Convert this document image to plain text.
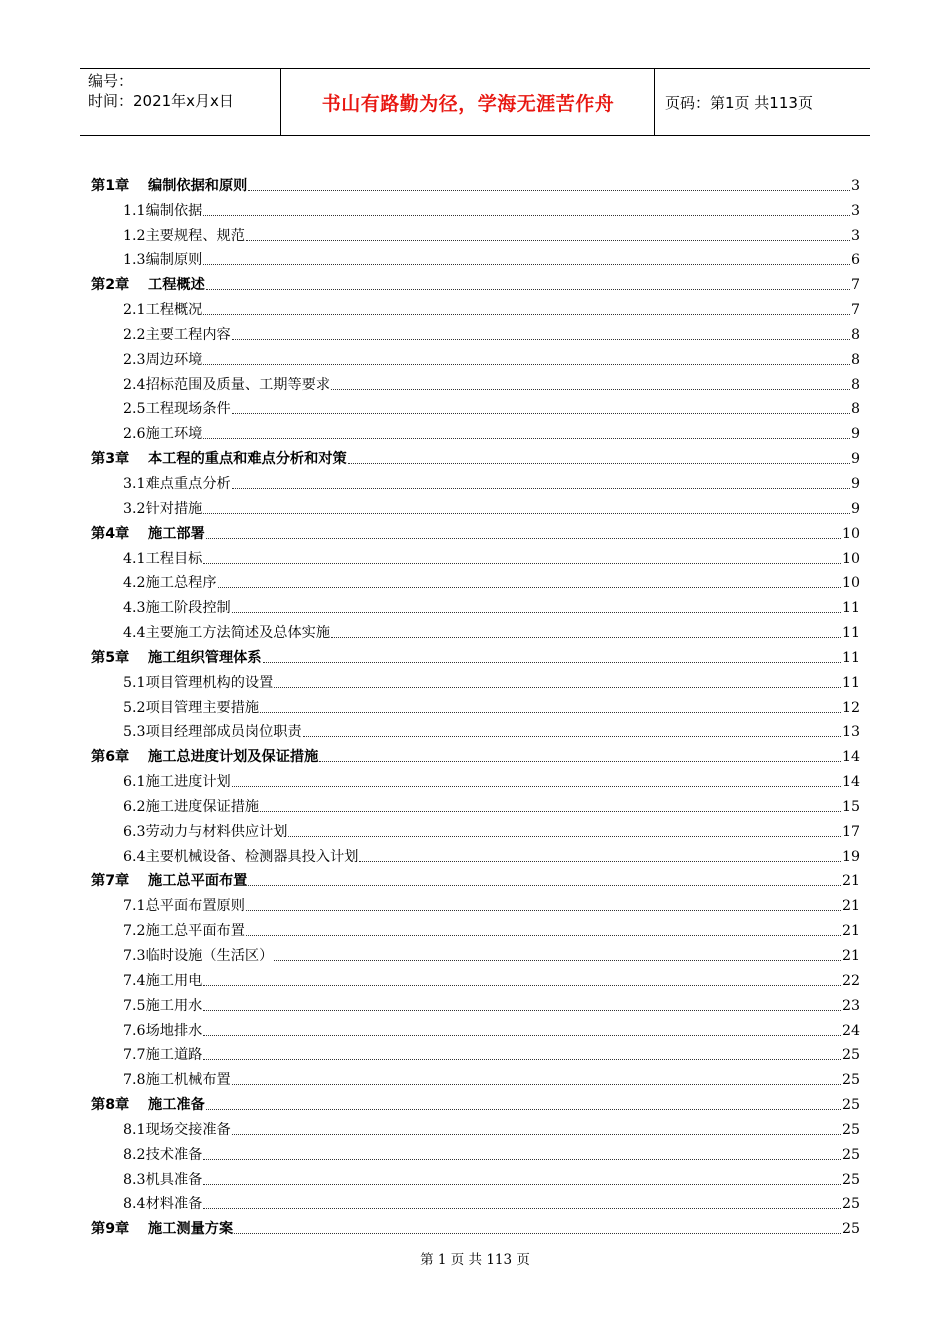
编号：
时间：2021年x月x日	书山有路勤为径，学海无涯苦作舟	页码：第1页 共113页
第1章 编制依据和原则	3
1.1编制依据	3
1.2主要规程、规范	3
1.3编制原则	6
第2章 工程概述	7
2.1工程概况	7
2.2主要工程内容	8
2.3周边环境	8
2.4招标范围及质量、工期等要求	8
2.5工程现场条件	8
2.6施工环境	9
第3章 本工程的重点和难点分析和对策	9
3.1难点重点分析	9
3.2针对措施	9
第4章 施工部署	10
4.1工程目标	10
4.2施工总程序	10
4.3施工阶段控制	11
4.4主要施工方法简述及总体实施	11
第5章 施工组织管理体系	11
5.1项目管理机构的设置	11
5.2项目管理主要措施	12
5.3项目经理部成员岗位职责	13
第6章 施工总进度计划及保证措施	14
6.1施工进度计划	14
6.2施工进度保证措施	15
6.3劳动力与材料供应计划	17
6.4主要机械设备、检测器具投入计划	19
第7章 施工总平面布置	21
7.1总平面布置原则	21
7.2施工总平面布置	21
7.3临时设施（生活区）	21
7.4施工用电	22
7.5施工用水	23
7.6场地排水	24
7.7施工道路	25
7.8施工机械布置	25
第8章 施工准备	25
8.1现场交接准备	25
8.2技术准备	25
8.3机具准备	25
8.4材料准备	25
第9章 施工测量方案	25
第 1 页 共 113 页
